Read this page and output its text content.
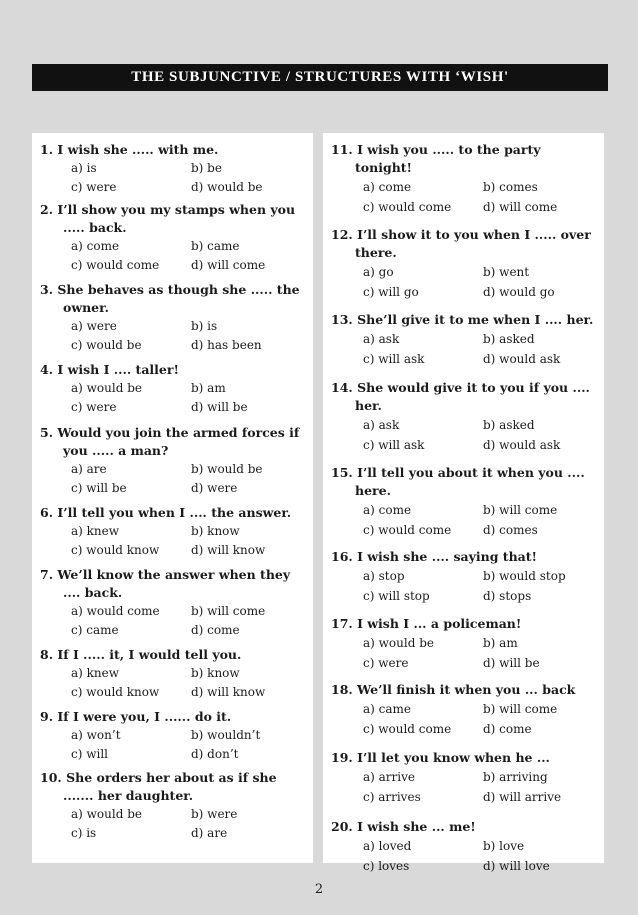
THE SUBJUNCTIVE / STRUCTURES WITH ‘WISH'
1. I wish she ..... with me.
a) is	b) be
c) were	d) would be
2. I’ll show you my stamps when you ..... back.
a) come	b) came
c) would come	d) will come
3. She behaves as though she ..... the owner.
a) were	b) is
c) would be	d) has been
4. I wish I .... taller!
a) would be	b) am
c) were	d) will be
5. Would you join the armed forces if you ..... a man?
a) are	b) would be
c) will be	d) were
6. I’ll tell you when I .... the answer.
a) knew	b) know
c) would know	d) will know
7. We’ll know the answer when they .... back.
a) would come	b) will come
c) came	d) come
8. If I ..... it, I would tell you.
a) knew	b) know
c) would know	d) will know
9. If I were you, I ...... do it.
a) won’t	b) wouldn’t
c) will	d) don’t
10. She orders her about as if she ....... her daughter.
a) would be	b) were
c) is	d) are
11. I wish you ..... to the party tonight!
a) come	b) comes
c) would come	d) will come
12. I’ll show it to you when I ..... over there.
a) go	b) went
c) will go	d) would go
13. She’ll give it to me when I .... her.
a) ask	b) asked
c) will ask	d) would ask
14. She would give it to you if you .... her.
a) ask	b) asked
c) will ask	d) would ask
15. I’ll tell you about it when you .... here.
a) come	b) will come
c) would come	d) comes
16. I wish she .... saying that!
a) stop	b) would stop
c) will stop	d) stops
17. I wish I ... a policeman!
a) would be	b) am
c) were	d) will be
18. We’ll finish it when you ... back
a) came	b) will come
c) would come	d) come
19. I’ll let you know when he ...
a) arrive	b) arriving
c) arrives	d) will arrive
20. I wish she ... me!
a) loved	b) love
c) loves	d) will love
2
